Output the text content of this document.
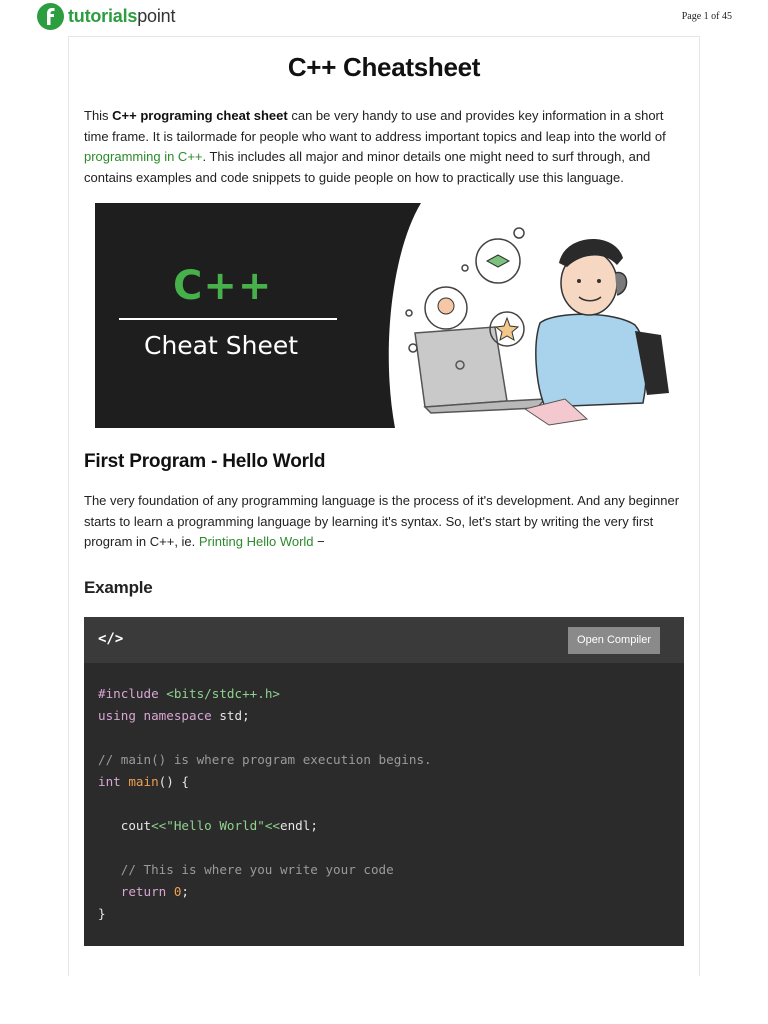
tutorialspoint	Page 1 of 45
C++ Cheatsheet

This C++ programing cheat sheet can be very handy to use and provides key information in a short time frame. It is tailormade for people who want to address important topics and leap into the world of programming in C++. This includes all major and minor details one might need to surf through, and contains examples and code snippets to guide people on how to practically use this language.

C++
Cheat Sheet
First Program - Hello World

The very foundation of any programming language is the process of it's development. And any beginner starts to learn a programming language by learning it's syntax. So, let's start by writing the very first program in C++, ie. Printing Hello World −

Example
</>	Open Compiler
#include <bits/stdc++.h>
using namespace std;

// main() is where program execution begins.
int main() {

cout<<"Hello World"<<endl;

// This is where you write your code
return 0;
}
